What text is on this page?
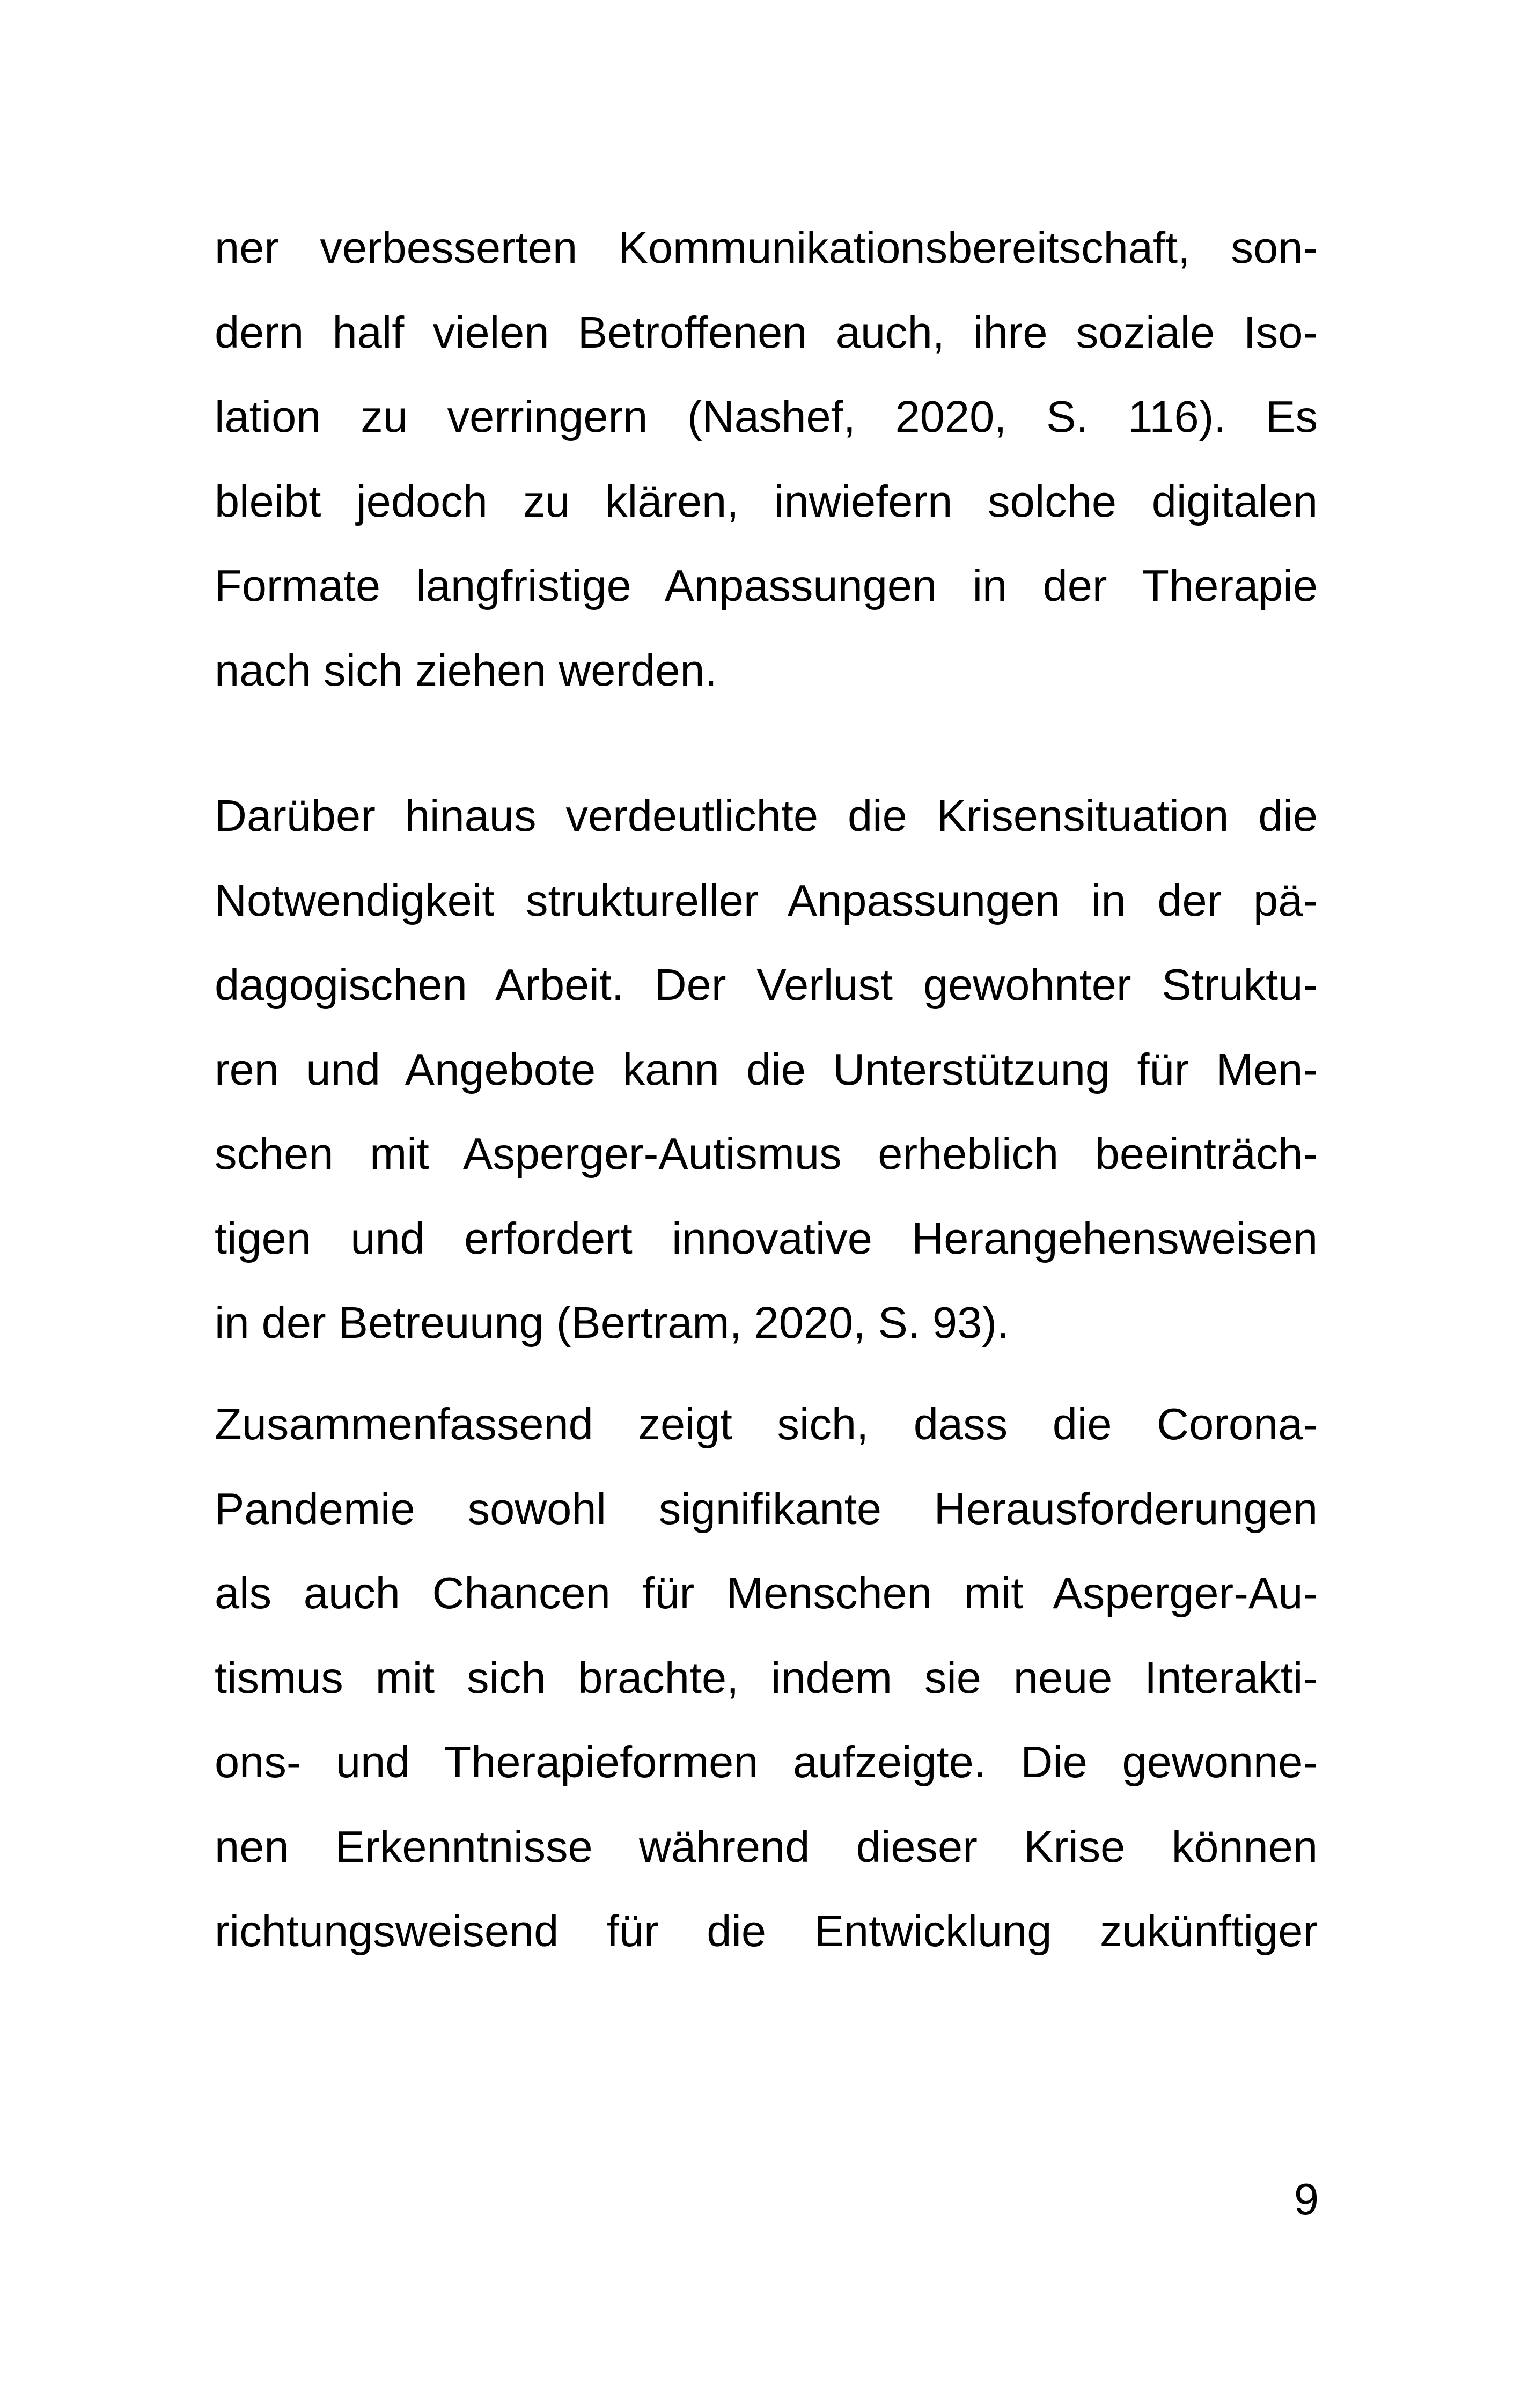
ner verbesserten Kommunikationsbereitschaft, son-
dern half vielen Betroffenen auch, ihre soziale Iso-
lation zu verringern (Nashef, 2020, S. 116). Es
bleibt jedoch zu klären, inwiefern solche digitalen
Formate langfristige Anpassungen in der Therapie
nach sich ziehen werden.
Darüber hinaus verdeutlichte die Krisensituation die
Notwendigkeit struktureller Anpassungen in der pä-
dagogischen Arbeit. Der Verlust gewohnter Struktu-
ren und Angebote kann die Unterstützung für Men-
schen mit Asperger-Autismus erheblich beeinträch-
tigen und erfordert innovative Herangehensweisen
in der Betreuung (Bertram, 2020, S. 93).
Zusammenfassend zeigt sich, dass die Corona-
Pandemie sowohl signifikante Herausforderungen
als auch Chancen für Menschen mit Asperger-Au-
tismus mit sich brachte, indem sie neue Interakti-
ons- und Therapieformen aufzeigte. Die gewonne-
nen Erkenntnisse während dieser Krise können
richtungsweisend für die Entwicklung zukünftiger
9
